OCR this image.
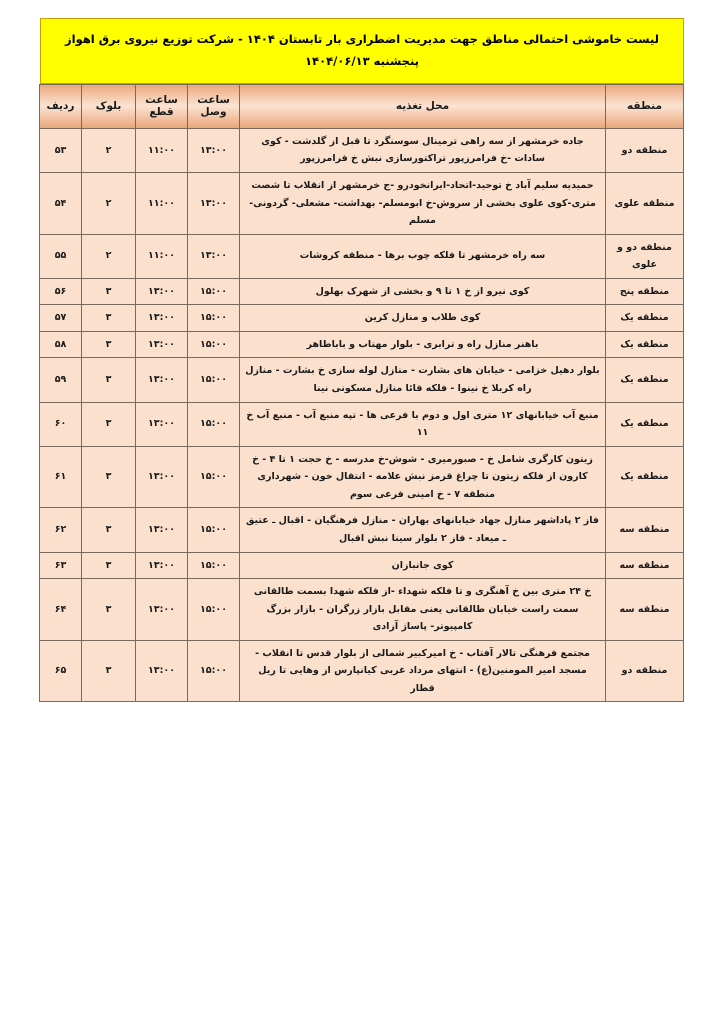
لیست خاموشی احتمالی مناطق جهت مدیریت اضطراری بار تابستان ۱۴۰۴ - شرکت توزیع نیروی برق اهواز
پنجشنبه ۱۴۰۴/۰۶/۱۳
منطقه	محل تغذیه	ساعت وصل	ساعت قطع	بلوک	ردیف
منطقه دو	جاده خرمشهر از سه راهی ترمینال سوسنگرد تا قبل از گلدشت - کوی سادات -خ فرامرزپور تراکتورسازی نبش خ فرامرزپور	۱۳:۰۰	۱۱:۰۰	۲	۵۳
منطقه علوی	حمیدیه سلیم آباد خ توحید-اتحاد-ایرانخودرو -ج خرمشهر از انقلاب تا شصت متری-کوی علوی بخشی از سروش-خ ابومسلم- بهداشت- مشعلی- گردونی-مسلم	۱۳:۰۰	۱۱:۰۰	۲	۵۴
منطقه دو و علوی	سه راه خرمشهر تا فلکه چوب برها - منطقه کروشات	۱۳:۰۰	۱۱:۰۰	۲	۵۵
منطقه پنج	کوی نیرو از خ ۱ تا ۹ و بخشی از شهرک بهلول	۱۵:۰۰	۱۳:۰۰	۳	۵۶
منطقه یک	کوی طلاب و منازل کرین	۱۵:۰۰	۱۳:۰۰	۳	۵۷
منطقه یک	باهنر منازل راه و ترابری - بلوار مهتاب و باباطاهر	۱۵:۰۰	۱۳:۰۰	۳	۵۸
منطقه یک	بلوار دهیل خزامی - خیابان های بشارت - منازل لوله سازی خ بشارت - منازل راه کربلا خ نینوا - فلکه قائا منازل مسکونی نینا	۱۵:۰۰	۱۳:۰۰	۳	۵۹
منطقه یک	منبع آب خیابانهای ۱۲ متری اول و دوم با فرعی ها - تپه منبع آب - منبع آب خ ۱۱	۱۵:۰۰	۱۳:۰۰	۳	۶۰
منطقه یک	زیتون کارگری شامل خ - صبورمیری - شوش-خ مدرسه - خ حجت ۱ تا ۴ - خ کارون از فلکه زیتون تا چراغ قرمز نبش علامه - انتقال خون - شهرداری منطقه ۷ - خ امینی فرعی سوم	۱۵:۰۰	۱۳:۰۰	۳	۶۱
منطقه سه	فاز ۲ پاداشهر منازل جهاد خیابانهای بهاران - منازل فرهنگیان - اقبال ـ عتیق ـ میعاد - فاز ۲ بلوار سینا نبش اقبال	۱۵:۰۰	۱۳:۰۰	۳	۶۲
منطقه سه	کوی جانبازان	۱۵:۰۰	۱۳:۰۰	۳	۶۳
منطقه سه	خ ۲۴ متری بین خ آهنگری و تا فلکه شهداء -از فلکه شهدا بسمت طالقانی سمت راست خیابان طالقانی یعنی مقابل بازار زرگران - بازار بزرگ کامپیوتر- پاساژ آزادی	۱۵:۰۰	۱۳:۰۰	۳	۶۴
منطقه دو	مجتمع فرهنگی تالار آفتاب - خ امیرکبیر شمالی از بلوار قدس تا انقلاب - مسجد امیر المومنین(ع) - انتهای مرداد غربی کیانپارس از وهایی تا ریل قطار	۱۵:۰۰	۱۳:۰۰	۳	۶۵
